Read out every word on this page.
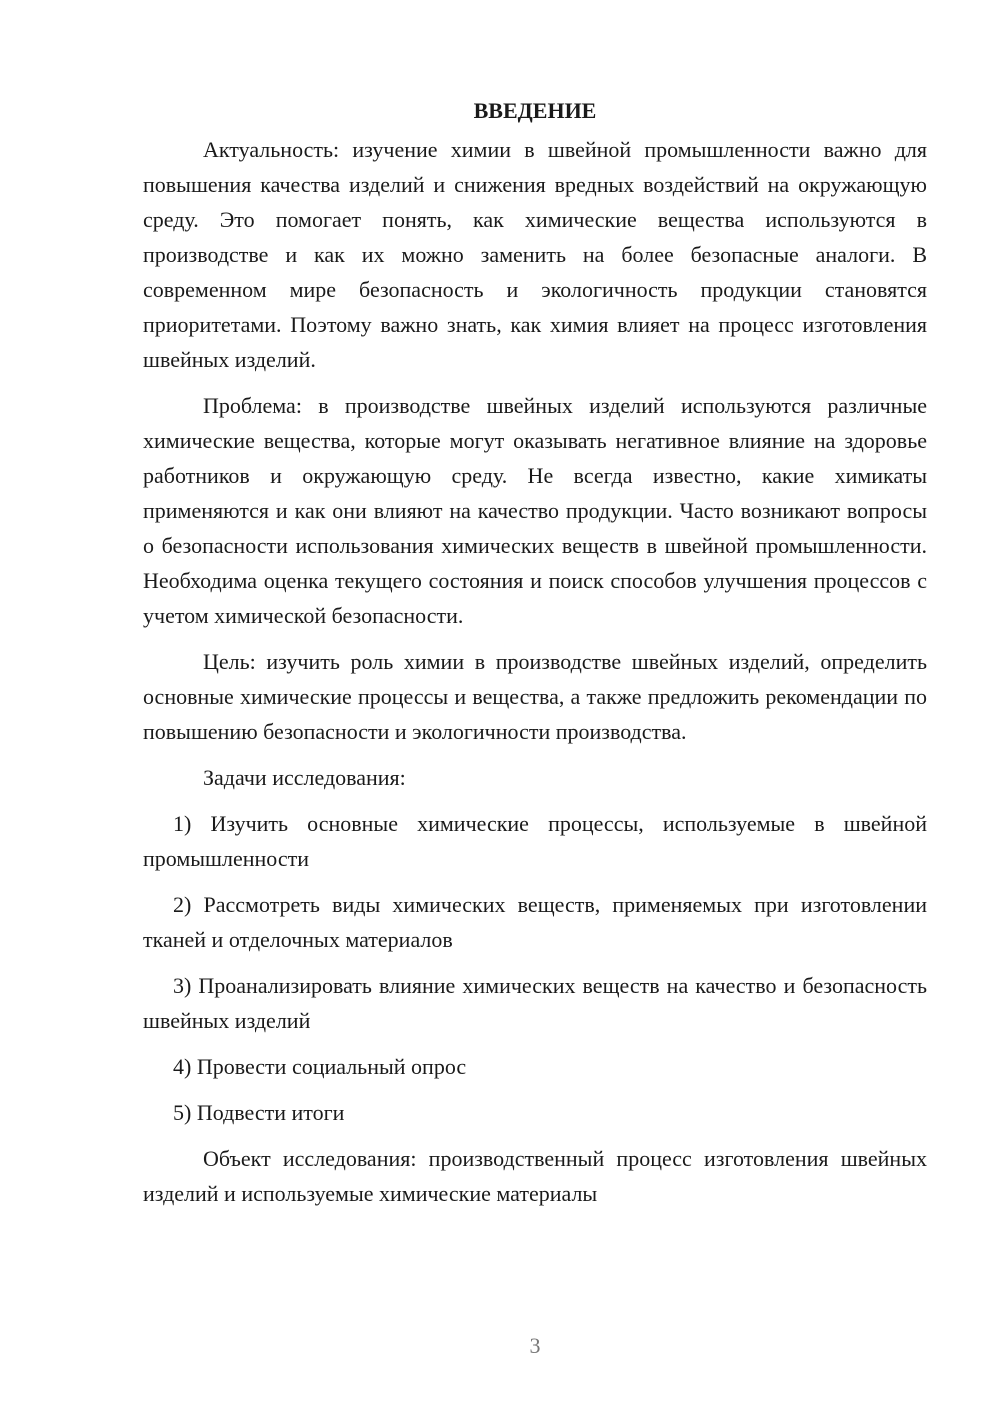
ВВЕДЕНИЕ

Актуальность: изучение химии в швейной промышленности важно для повышения качества изделий и снижения вредных воздействий на окружающую среду. Это помогает понять, как химические вещества используются в производстве и как их можно заменить на более безопасные аналоги. В современном мире безопасность и экологичность продукции становятся приоритетами. Поэтому важно знать, как химия влияет на процесс изготовления швейных изделий.

Проблема: в производстве швейных изделий используются различные химические вещества, которые могут оказывать негативное влияние на здоровье работников и окружающую среду. Не всегда известно, какие химикаты применяются и как они влияют на качество продукции. Часто возникают вопросы о безопасности использования химических веществ в швейной промышленности. Необходима оценка текущего состояния и поиск способов улучшения процессов с учетом химической безопасности.

Цель: изучить роль химии в производстве швейных изделий, определить основные химические процессы и вещества, а также предложить рекомендации по повышению безопасности и экологичности производства.

Задачи исследования:

1) Изучить основные химические процессы, используемые в швейной промышленности

2) Рассмотреть виды химических веществ, применяемых при изготовлении тканей и отделочных материалов

3) Проанализировать влияние химических веществ на качество и безопасность швейных изделий

4) Провести социальный опрос

5) Подвести итоги

Объект исследования: производственный процесс изготовления швейных изделий и используемые химические материалы

3
